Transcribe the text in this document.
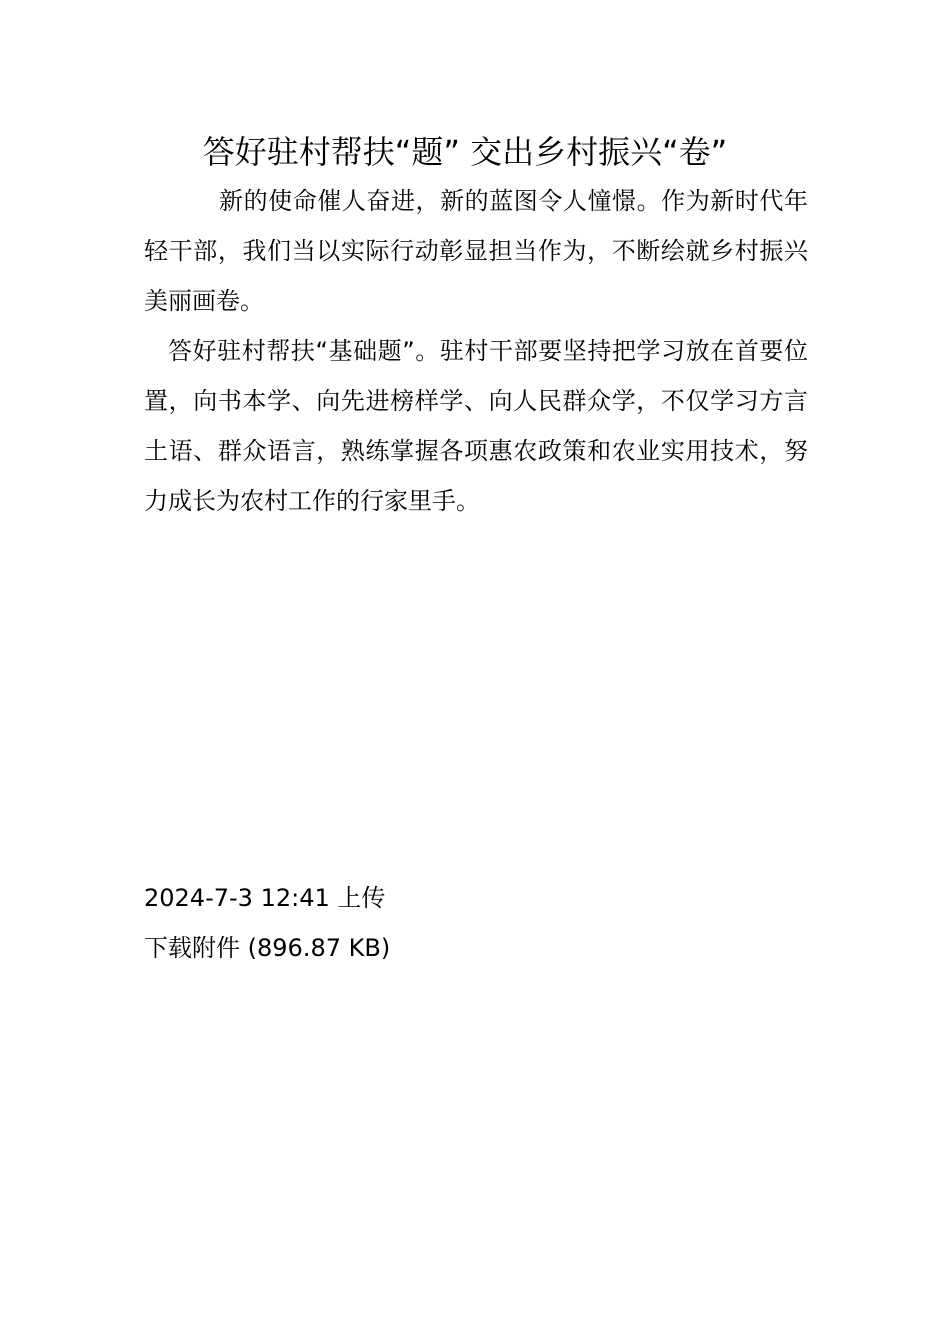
答好驻村帮扶“题” 交出乡村振兴“卷”

新的使命催人奋进，新的蓝图令人憧憬。作为新时代年轻干部，我们当以实际行动彰显担当作为，不断绘就乡村振兴美丽画卷。

答好驻村帮扶“基础题”。驻村干部要坚持把学习放在首要位置，向书本学、向先进榜样学、向人民群众学，不仅学习方言土语、群众语言，熟练掌握各项惠农政策和农业实用技术，努力成长为农村工作的行家里手。

2024-7-3 12:41 上传
下载附件 (896.87 KB)
